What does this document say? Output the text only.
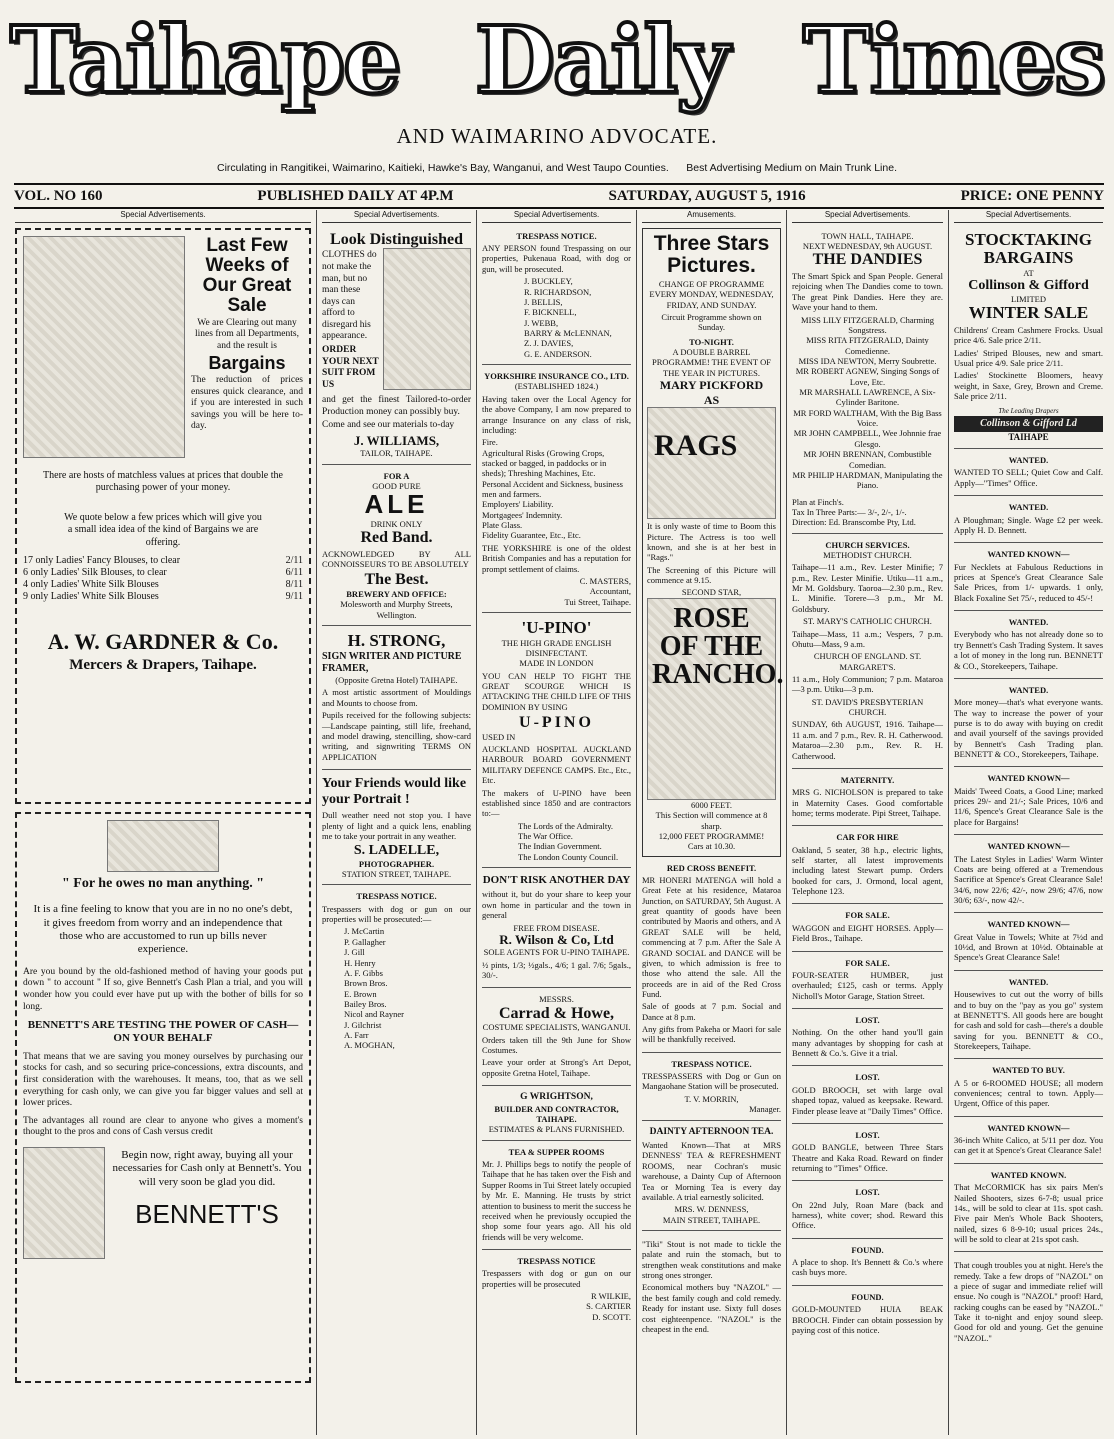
Taihape Daily Times
AND WAIMARINO ADVOCATE.
Circulating in Rangitikei, Waimarino, Kaitieki, Hawke's Bay, Wanganui, and West Taupo Counties. Best Advertising Medium on Main Trunk Line.
VOL. NO 160	PUBLISHED DAILY AT 4P.M	SATURDAY, AUGUST 5, 1916	PRICE: ONE PENNY
Special Advertisements.
Last Few Weeks of Our Great Sale

We are Clearing out many lines from all Departments, and the result is

Bargains

The reduction of prices ensures quick clearance, and if you are interested in such savings you will be here to-day.

There are hosts of matchless values at prices that double the purchasing power of your money.

We quote below a few prices which will give you a small idea idea of the kind of Bargains we are offering.

17 only Ladies' Fancy Blouses, to clear	2/11
6 only Ladies' Silk Blouses, to clear	6/11
4 only Ladies' White Silk Blouses	8/11
9 only Ladies' White Silk Blouses	9/11
A. W. GARDNER & Co.
Mercers & Drapers, Taihape.
" For he owes no man anything. "

It is a fine feeling to know that you are in no no one's debt, it gives freedom from worry and an independence that those who are accustomed to run up bills never experience.

Are you bound by the old-fashioned method of having your goods put down " to account " If so, give Bennett's Cash Plan a trial, and you will wonder how you could ever have put up with the bother of bills for so long.

BENNETT'S ARE TESTING THE POWER OF CASH—ON YOUR BEHALF

That means that we are saving you money ourselves by purchasing our stocks for cash, and so securing price-concessions, extra discounts, and first consideration with the warehouses. It means, too, that as we sell everything for cash only, we can give you far bigger values and sell at lower prices.

The advantages all round are clear to anyone who gives a moment's thought to the pros and cons of Cash versus credit

Begin now, right away, buying all your necessaries for Cash only at Bennett's. You will very soon be glad you did.

BENNETT'S
Special Advertisements.
Look Distinguished

CLOTHES do not make the man, but no man these days can afford to disregard his appearance.

ORDER YOUR NEXT SUIT FROM US

and get the finest Tailored-to-order Production money can possibly buy.

Come and see our materials to-day

J. WILLIAMS,
TAILOR, TAIHAPE.
FOR A
GOOD PURE
ALE
DRINK ONLY
Red Band.

ACKNOWLEDGED BY ALL CONNOISSEURS TO BE ABSOLUTELY

The Best.
BREWERY AND OFFICE:
Molesworth and Murphy Streets, Wellington.
H. STRONG,
SIGN WRITER AND PICTURE FRAMER,
(Opposite Gretna Hotel) TAIHAPE.

A most artistic assortment of Mouldings and Mounts to choose from.

Pupils received for the following subjects:—Landscape painting, still life, freehand, and model drawing, stencilling, show-card writing, and signwriting TERMS ON APPLICATION

Your Friends would like your Portrait !

Dull weather need not stop you. I have plenty of light and a quick lens, enabling me to take your portrait in any weather.

S. LADELLE,
PHOTOGRAPHER.
STATION STREET, TAIHAPE.
TRESPASS NOTICE.

Trespassers with dog or gun on our properties will be prosecuted:—

J. McCartin
P. Gallagher
J. Gill
H. Henry
A. F. Gibbs
Brown Bros.
E. Brown
Bailey Bros.
Nicol and Rayner
J. Gilchrist
A. Farr
A. MOGHAN,
Special Advertisements.
TRESPASS NOTICE.

ANY PERSON found Trespassing on our properties, Pukenaua Road, with dog or gun, will be prosecuted.

J. BUCKLEY,
R. RICHARDSON,
J. BELLIS,
F. BICKNELL,
J. WEBB,
BARRY & McLENNAN,
Z. J. DAVIES,
G. E. ANDERSON.
YORKSHIRE INSURANCE CO., LTD.
(ESTABLISHED 1824.)

Having taken over the Local Agency for the above Company, I am now prepared to arrange Insurance on any class of risk, including:

Fire.
Agricultural Risks (Growing Crops, stacked or bagged, in paddocks or in sheds); Threshing Machines, Etc.
Personal Accident and Sickness, business men and farmers.
Employers' Liability.
Mortgagees' Indemnity.
Plate Glass.
Fidelity Guarantee, Etc., Etc.

THE YORKSHIRE is one of the oldest British Companies and has a reputation for prompt settlement of claims.

C. MASTERS,
Accountant,
Tui Street, Taihape.
'U-PINO'
THE HIGH GRADE ENGLISH DISINFECTANT.
MADE IN LONDON

YOU CAN HELP TO FIGHT THE GREAT SCOURGE WHICH IS ATTACKING THE CHILD LIFE OF THIS DOMINION BY USING

U-PINO
USED IN

AUCKLAND HOSPITAL AUCKLAND HARBOUR BOARD GOVERNMENT MILITARY DEFENCE CAMPS. Etc., Etc., Etc.

The makers of U-PINO have been established since 1850 and are contractors to:—

The Lords of the Admiralty.
The War Office.
The Indian Government.
The London County Council.
DON'T RISK ANOTHER DAY

without it, but do your share to keep your own home in particular and the town in general

FREE FROM DISEASE.
R. Wilson & Co, Ltd
SOLE AGENTS FOR U-PINO TAIHAPE.

½ pints, 1/3; ½gals., 4/6; 1 gal. 7/6; 5gals., 30/-.

MESSRS.
Carrad & Howe,
COSTUME SPECIALISTS, WANGANUI.

Orders taken till the 9th June for Show Costumes.

Leave your order at Strong's Art Depot, opposite Gretna Hotel, Taihape.

G WRIGHTSON,
BUILDER AND CONTRACTOR, TAIHAPE.
ESTIMATES & PLANS FURNISHED.
TEA & SUPPER ROOMS

Mr. J. Phillips begs to notify the people of Taihape that he has taken over the Fish and Supper Rooms in Tui Street lately occupied by Mr. E. Manning. He trusts by strict attention to business to merit the success he received when he previously occupied the shop some four years ago. All his old friends will be very welcome.

TRESPASS NOTICE

Trespassers with dog or gun on our properties will be prosecuted

R WILKIE,
S. CARTIER
D. SCOTT.
Amusements.
Three Stars Pictures.

CHANGE OF PROGRAMME EVERY MONDAY, WEDNESDAY, FRIDAY, AND SUNDAY.

Circuit Programme shown on Sunday.
TO-NIGHT.
A DOUBLE BARREL PROGRAMME! THE EVENT OF THE YEAR IN PICTURES.
MARY PICKFORD
AS
RAGS

It is only waste of time to Boom this Picture. The Actress is too well known, and she is at her best in "Rags."

The Screening of this Picture will commence at 9.15.

SECOND STAR,
ROSE OF THE RANCHO.
6000 FEET.
This Section will commence at 8 sharp.
12,000 FEET PROGRAMME!
Cars at 10.30.
RED CROSS BENEFIT.

MR HONERI MATENGA will hold a Great Fete at his residence, Mataroa Junction, on SATURDAY, 5th August. A great quantity of goods have been contributed by Maoris and others, and A GREAT SALE will be held, commencing at 7 p.m. After the Sale A GRAND SOCIAL and DANCE will be given, to which admission is free to those who attend the sale. All the proceeds are in aid of the Red Cross Fund.

Sale of goods at 7 p.m. Social and Dance at 8 p.m.

Any gifts from Pakeha or Maori for sale will be thankfully received.

TRESPASS NOTICE.

TRESSPASSERS with Dog or Gun on Mangaohane Station will be prosecuted.

T. V. MORRIN,
Manager.
DAINTY AFTERNOON TEA.

Wanted Known—That at MRS DENNESS' TEA & REFRESHMENT ROOMS, near Cochran's music warehouse, a Dainty Cup of Afternoon Tea or Morning Tea is every day available. A trial earnestly solicited.

MRS. W. DENNESS,
MAIN STREET, TAIHAPE.

"Tiki" Stout is not made to tickle the palate and ruin the stomach, but to strengthen weak constitutions and make strong ones stronger.

Economical mothers buy "NAZOL" —the best family cough and cold remedy. Ready for instant use. Sixty full doses cost eighteenpence. "NAZOL" is the cheapest in the end.

Special Advertisements.
TOWN HALL, TAIHAPE.
NEXT WEDNESDAY, 9th AUGUST.
THE DANDIES

The Smart Spick and Span People. General rejoicing when The Dandies come to town. The great Pink Dandies. Here they are. Wave your hand to them.

MISS LILY FITZGERALD, Charming Songstress.
MISS RITA FITZGERALD, Dainty Comedienne.
MISS IDA NEWTON, Merry Soubrette.
MR ROBERT AGNEW, Singing Songs of Love, Etc.
MR MARSHALL LAWRENCE, A Six-Cylinder Baritone.
MR FORD WALTHAM, With the Big Bass Voice.
MR JOHN CAMPBELL, Wee Johnnie frae Glesgo.
MR JOHN BRENNAN, Combustible Comedian.
MR PHILIP HARDMAN, Manipulating the Piano.
Plan at Finch's.
Tax In Three Parts:— 3/-, 2/-, 1/-.
Direction: Ed. Branscombe Pty, Ltd.
CHURCH SERVICES.
METHODIST CHURCH.

Taihape—11 a.m., Rev. Lester Minifie; 7 p.m., Rev. Lester Minifie. Utiku—11 a.m., Mr M. Goldsbury. Taoroa—2.30 p.m., Rev. L. Minifie. Torere—3 p.m., Mr M. Goldsbury.

ST. MARY'S CATHOLIC CHURCH.

Taihape—Mass, 11 a.m.; Vespers, 7 p.m. Ohutu—Mass, 9 a.m.

CHURCH OF ENGLAND. ST. MARGARET'S.

11 a.m., Holy Communion; 7 p.m. Mataroa—3 p.m. Utiku—3 p.m.

ST. DAVID'S PRESBYTERIAN CHURCH.

SUNDAY, 6th AUGUST, 1916. Taihape—11 a.m. and 7 p.m., Rev. R. H. Catherwood. Mataroa—2.30 p.m., Rev. R. H. Catherwood.

MATERNITY.

MRS G. NICHOLSON is prepared to take in Maternity Cases. Good comfortable home; terms moderate. Pipi Street, Taihape.

CAR FOR HIRE

Oakland, 5 seater, 38 h.p., electric lights, self starter, all latest improvements including latest Stewart pump. Orders booked for cars, J. Ormond, local agent, Telephone 123.

FOR SALE.

WAGGON and EIGHT HORSES. Apply—Field Bros., Taihape.

FOR SALE.

FOUR-SEATER HUMBER, just overhauled; £125, cash or terms. Apply Nicholl's Motor Garage, Station Street.

LOST.

Nothing. On the other hand you'll gain many advantages by shopping for cash at Bennett & Co.'s. Give it a trial.

LOST.

GOLD BROOCH, set with large oval shaped topaz, valued as keepsake. Reward. Finder please leave at "Daily Times" Office.

LOST.

GOLD BANGLE, between Three Stars Theatre and Kaka Road. Reward on finder returning to "Times" Office.

LOST.

On 22nd July, Roan Mare (back and harness), white cover; shod. Reward this Office.

FOUND.

A place to shop. It's Bennett & Co.'s where cash buys more.

FOUND.

GOLD-MOUNTED HUIA BEAK BROOCH. Finder can obtain possession by paying cost of this notice.

Special Advertisements.
STOCKTAKING BARGAINS
AT
Collinson & Gifford
LIMITED
WINTER SALE

Childrens' Cream Cashmere Frocks. Usual price 4/6. Sale price 2/11.

Ladies' Striped Blouses, new and smart. Usual price 4/9. Sale price 2/11.

Ladies' Stockinette Bloomers, heavy weight, in Saxe, Grey, Brown and Creme. Sale price 2/11.

The Leading Drapers
Collinson & Gifford Ld
TAIHAPE
WANTED.

WANTED TO SELL; Quiet Cow and Calf. Apply—"Times" Office.

WANTED.

A Ploughman; Single. Wage £2 per week. Apply H. D. Bennett.

WANTED KNOWN—

Fur Necklets at Fabulous Reductions in prices at Spence's Great Clearance Sale Sale Prices, from 1/- upwards. 1 only, Black Foxaline Set 75/-, reduced to 45/-!

WANTED.

Everybody who has not already done so to try Bennett's Cash Trading System. It saves a lot of money in the long run. BENNETT & CO., Storekeepers, Taihape.

WANTED.

More money—that's what everyone wants. The way to increase the power of your purse is to do away with buying on credit and avail yourself of the savings provided by Bennett's Cash Trading plan. BENNETT & CO., Storekeepers, Taihape.

WANTED KNOWN—

Maids' Tweed Coats, a Good Line; marked prices 29/- and 21/-; Sale Prices, 10/6 and 11/6, Spence's Great Clearance Sale is the place for Bargains!

WANTED KNOWN—

The Latest Styles in Ladies' Warm Winter Coats are being offered at a Tremendous Sacrifice at Spence's Great Clearance Sale! 34/6, now 22/6; 42/-, now 29/6; 47/6, now 30/6; 63/-, now 42/-.

WANTED KNOWN—

Great Value in Towels; White at 7½d and 10½d, and Brown at 10½d. Obtainable at Spence's Great Clearance Sale!

WANTED.

Housewives to cut out the worry of bills and to buy on the "pay as you go" system at BENNETT'S. All goods here are bought for cash and sold for cash—there's a double saving for you. BENNETT & CO., Storekeepers, Taihape.

WANTED TO BUY.

A 5 or 6-ROOMED HOUSE; all modern conveniences; central to town. Apply—Urgent, Office of this paper.

WANTED KNOWN—

36-inch White Calico, at 5/11 per doz. You can get it at Spence's Great Clearance Sale!

WANTED KNOWN.

That McCORMICK has six pairs Men's Nailed Shooters, sizes 6-7-8; usual price 14s., will be sold to clear at 11s. spot cash. Five pair Men's Whole Back Shooters, nailed, sizes 6 8-9-10; usual prices 24s., will be sold to clear at 21s spot cash.

That cough troubles you at night. Here's the remedy. Take a few drops of "NAZOL" on a piece of sugar and immediate relief will ensue. No cough is "NAZOL" proof! Hard, racking coughs can be eased by "NAZOL." Take it to-night and enjoy sound sleep. Good for old and young. Get the genuine "NAZOL."
